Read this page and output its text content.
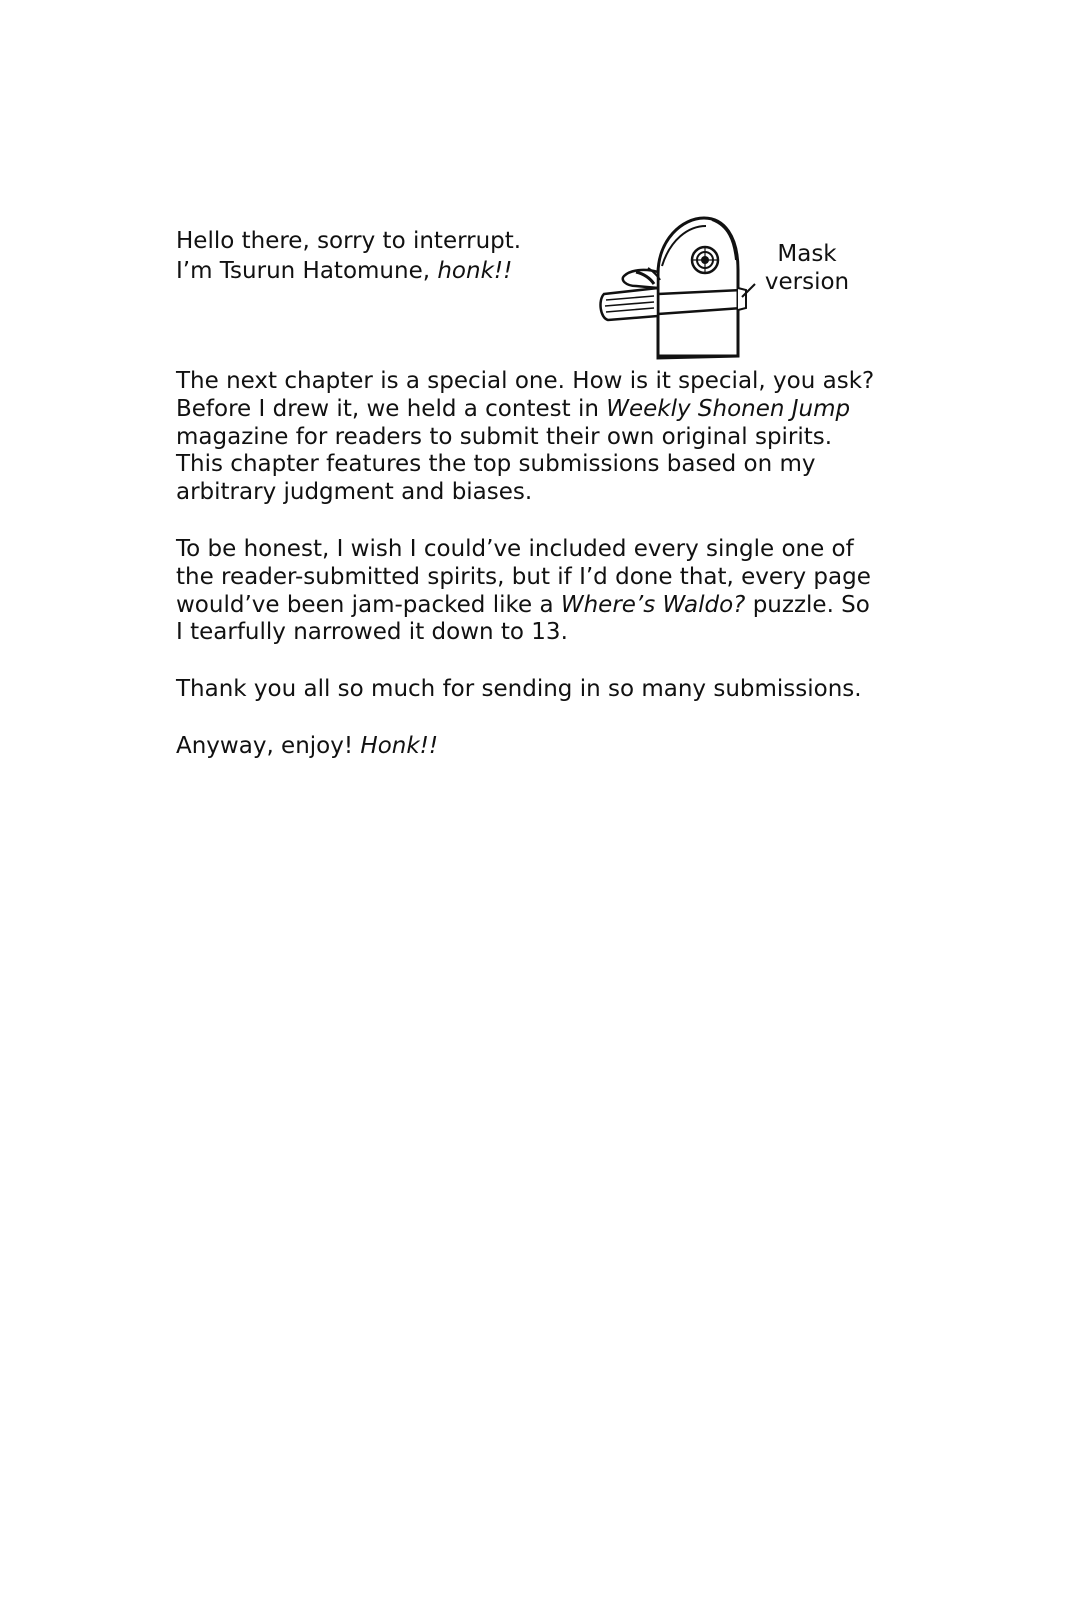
Hello there, sorry to interrupt.
I’m Tsurun Hatomune, honk!!
Mask
version

The next chapter is a special one. How is it special, you ask? Before I drew it, we held a contest in Weekly Shonen Jump magazine for readers to submit their own original spirits. This chapter features the top submissions based on my arbitrary judgment and biases.

To be honest, I wish I could’ve included every single one of the reader-submitted spirits, but if I’d done that, every page would’ve been jam-packed like a Where’s Waldo? puzzle. So I tearfully narrowed it down to 13.

Thank you all so much for sending in so many submissions.

Anyway, enjoy! Honk!!
